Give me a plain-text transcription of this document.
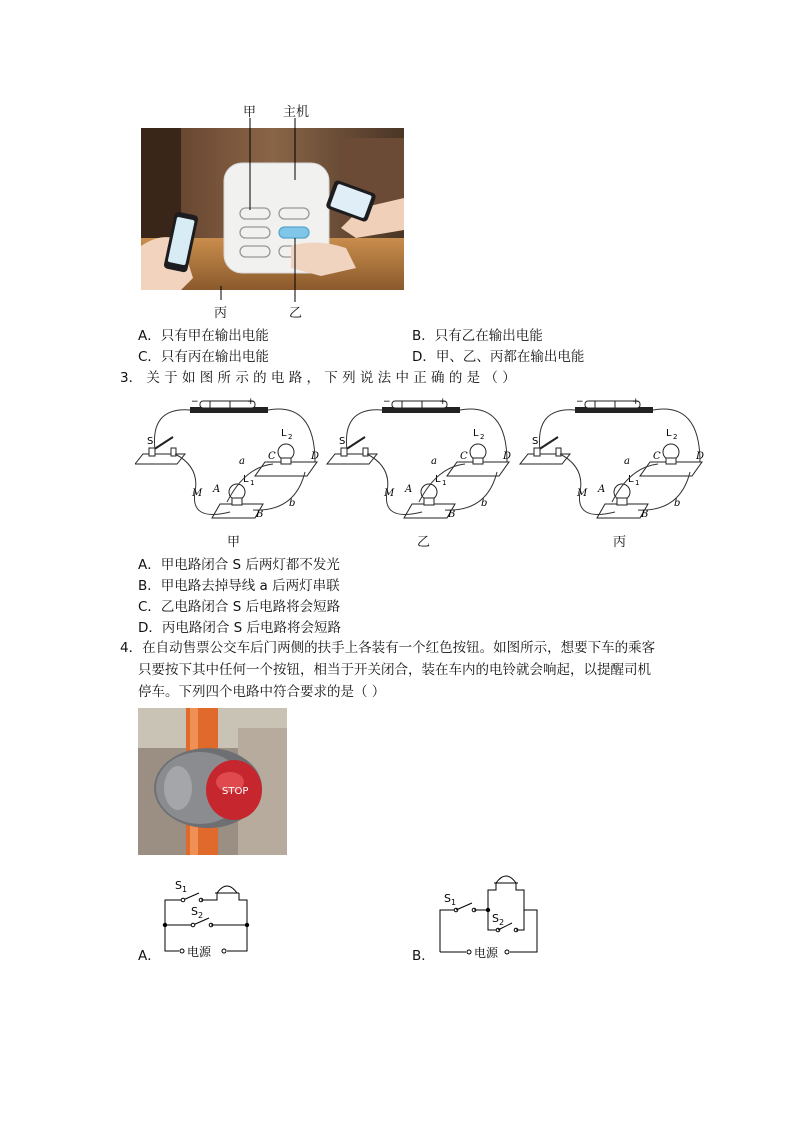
甲 主机
丙	乙
A．只有甲在输出电能	B．只有乙在输出电能
C．只有丙在输出电能	D．甲、乙、丙都在输出电能
3． 关 于 如 图 所 示 的 电 路 ， 下 列 说 法 中 正 确 的 是 （ ）
−	+
S
L 2
C	D
L 1
A
B
M
a
b
甲	乙	丙
A．甲电路闭合 S 后两灯都不发光
B．甲电路去掉导线 a 后两灯串联
C．乙电路闭合 S 后电路将会短路
D．丙电路闭合 S 后电路将会短路
4．在自动售票公交车后门两侧的扶手上各装有一个红色按钮。如图所示，想要下车的乘客
只要按下其中任何一个按钮，相当于开关闭合，装在车内的电铃就会响起，以提醒司机
停车。下列四个电路中符合要求的是（ ）
STOP
A．
S 1
S 2
电源	B．
S 1
S 2
电源
